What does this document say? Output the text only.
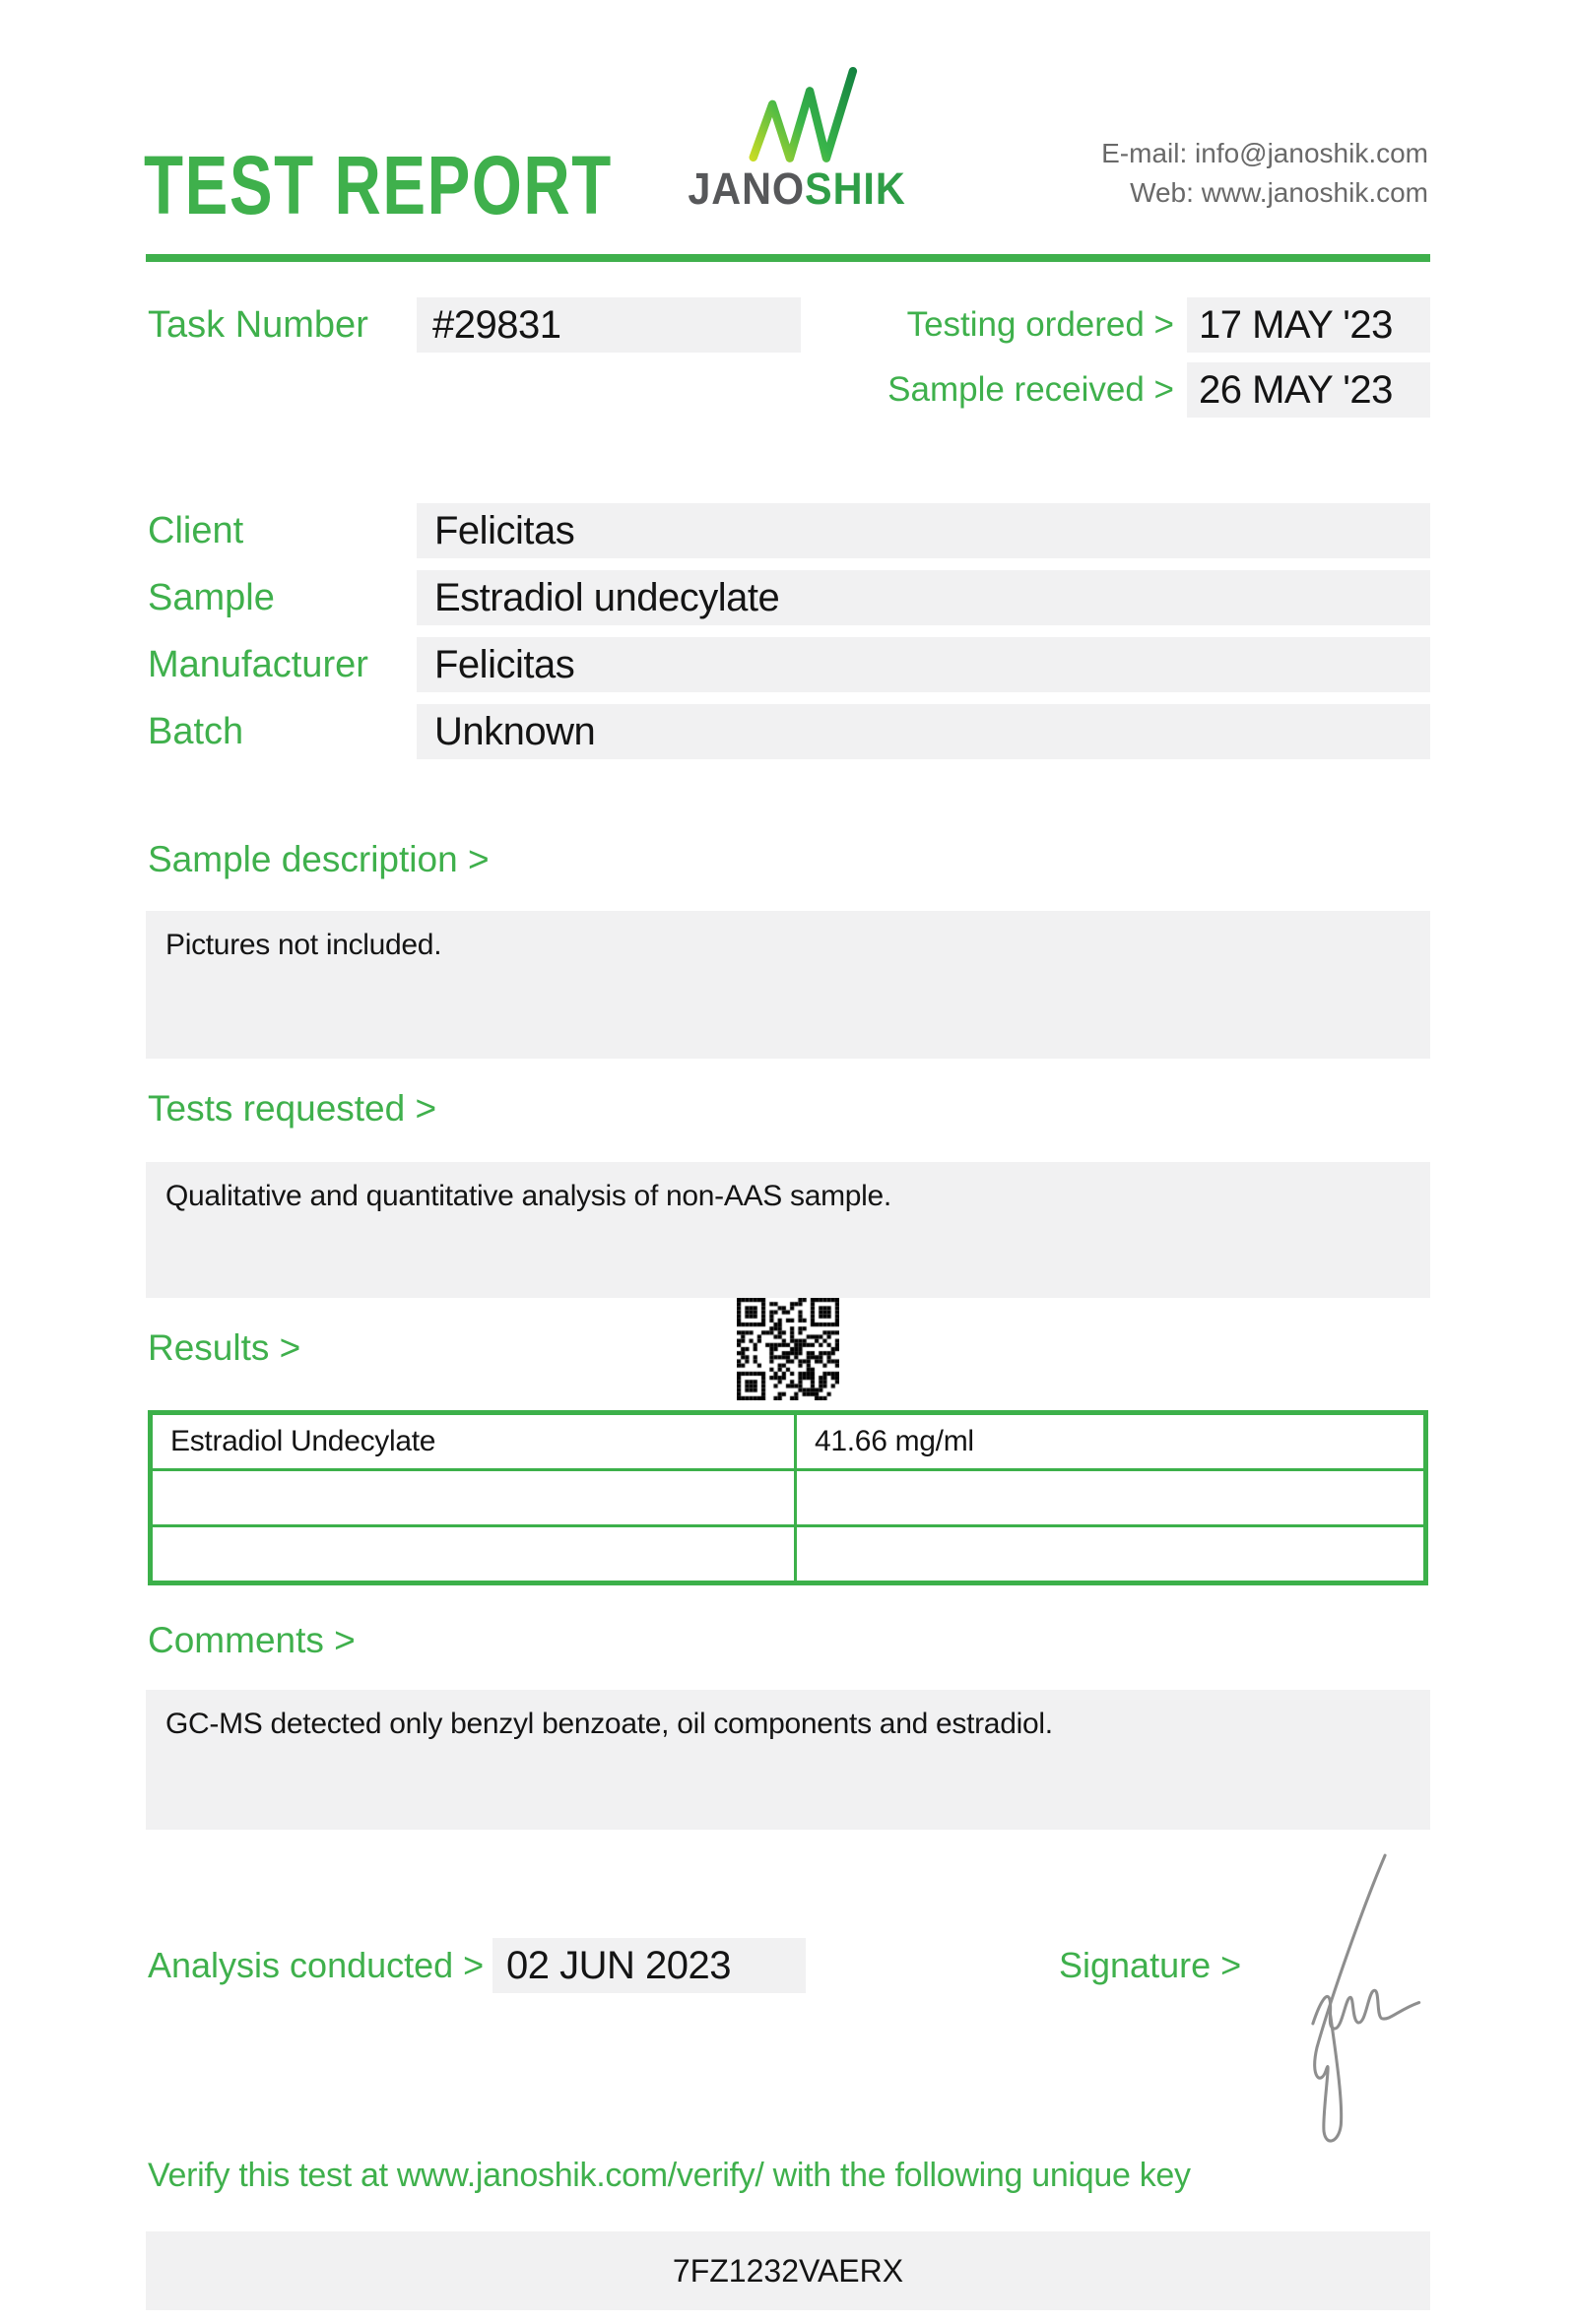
TEST REPORT JANOSHIK
E-mail: info@janoshik.com
Web: www.janoshik.com
Task Number	#29831	Testing ordered > 17 MAY '23
Sample received > 26 MAY '23
Client	Felicitas
Sample	Estradiol undecylate
Manufacturer	Felicitas
Batch	Unknown
Sample description >
Pictures not included.
Tests requested >
Qualitative and quantitative analysis of non-AAS sample.
Results >
Estradiol Undecylate	41.66 mg/ml

Comments >
GC-MS detected only benzyl benzoate, oil components and estradiol.
Analysis conducted > 02 JUN 2023	Signature >
Verify this test at www.janoshik.com/verify/ with the following unique key
7FZ1232VAERX
